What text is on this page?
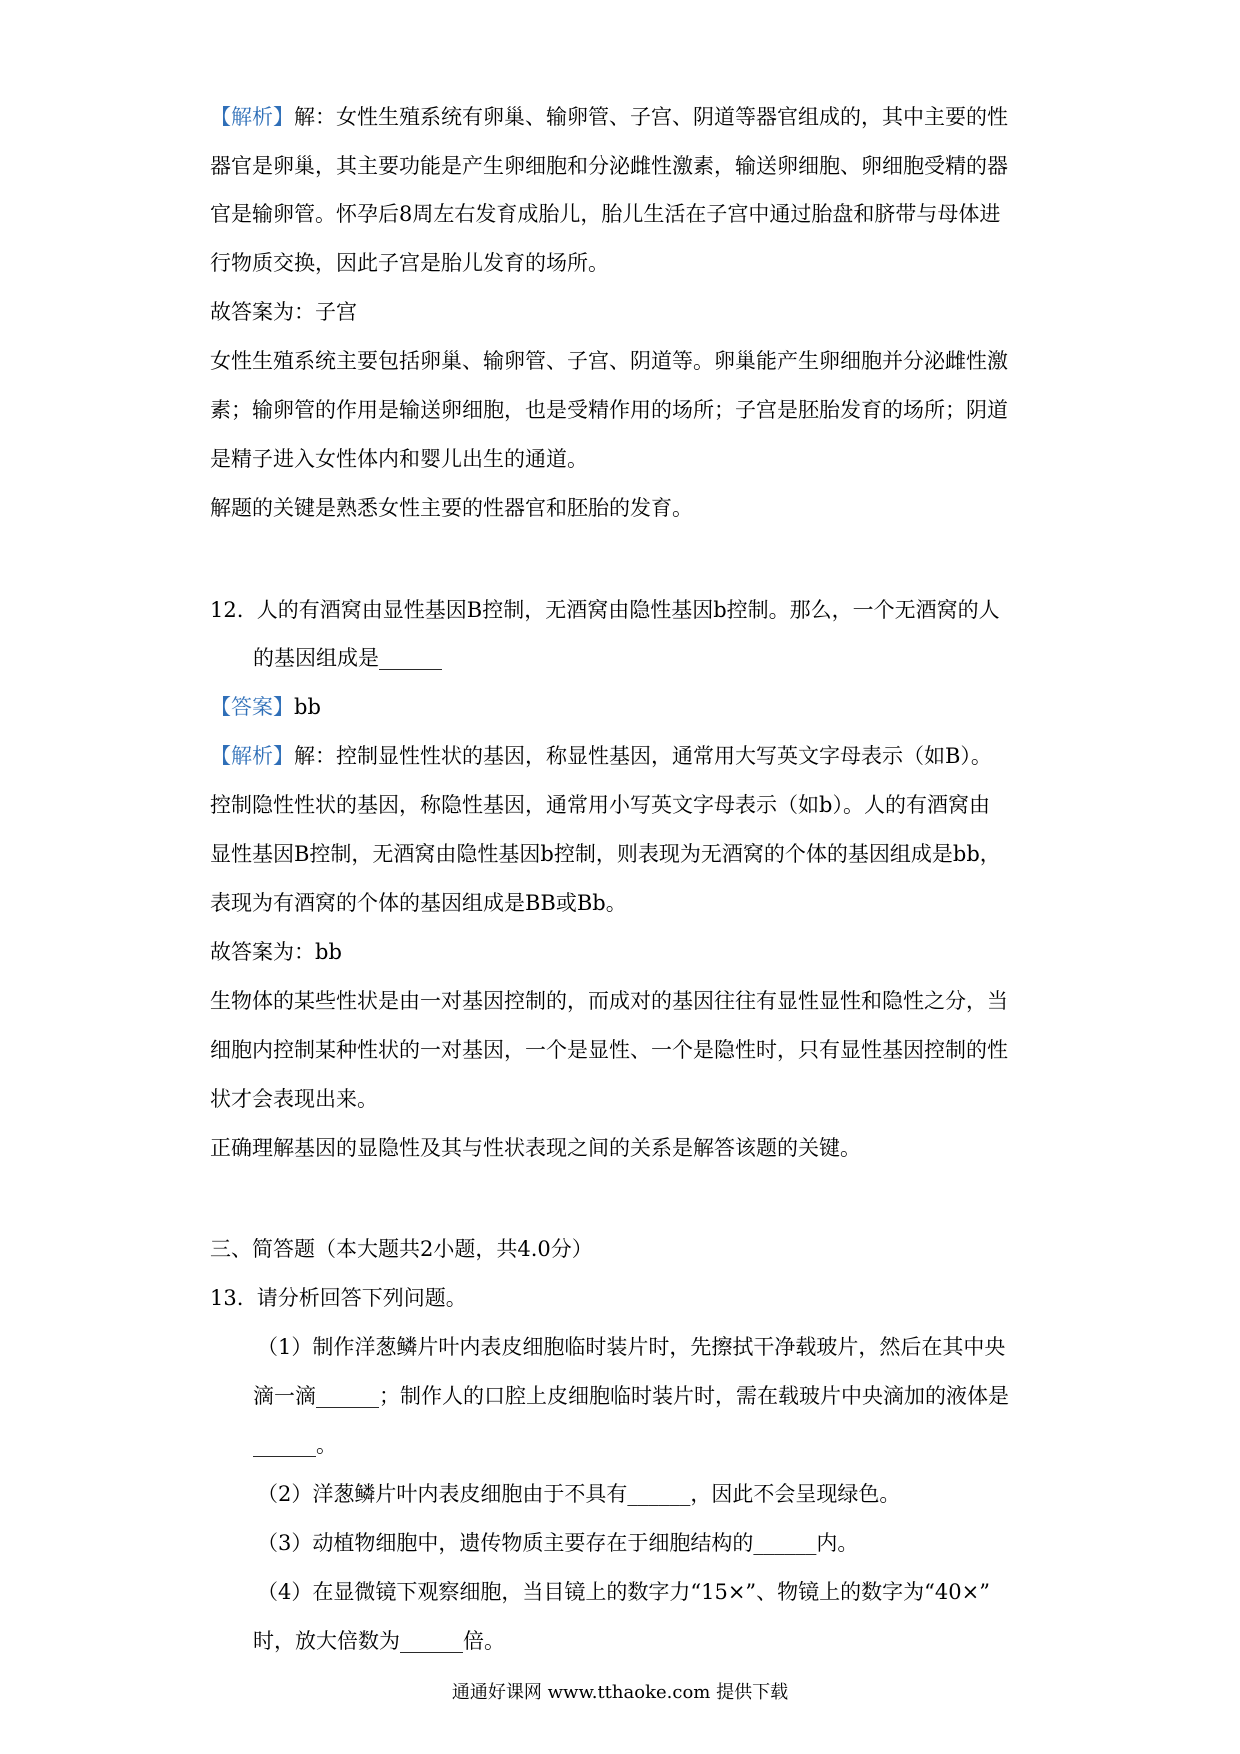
【解析】解：女性生殖系统有卵巢、输卵管、子宫、阴道等器官组成的，其中主要的性
器官是卵巢，其主要功能是产生卵细胞和分泌雌性激素，输送卵细胞、卵细胞受精的器
官是输卵管。怀孕后8周左右发育成胎儿，胎儿生活在子宫中通过胎盘和脐带与母体进
行物质交换，因此子宫是胎儿发育的场所。
故答案为：子宫
女性生殖系统主要包括卵巢、输卵管、子宫、阴道等。卵巢能产生卵细胞并分泌雌性激
素；输卵管的作用是输送卵细胞，也是受精作用的场所；子宫是胚胎发育的场所；阴道
是精子进入女性体内和婴儿出生的通道。
解题的关键是熟悉女性主要的性器官和胚胎的发育。
12. 人的有酒窝由显性基因B控制，无酒窝由隐性基因b控制。那么，一个无酒窝的人
的基因组成是______
【答案】bb
【解析】解：控制显性性状的基因，称显性基因，通常用大写英文字母表示（如B）。
控制隐性性状的基因，称隐性基因，通常用小写英文字母表示（如b）。人的有酒窝由
显性基因B控制，无酒窝由隐性基因b控制，则表现为无酒窝的个体的基因组成是bb，
表现为有酒窝的个体的基因组成是BB或Bb。
故答案为：bb
生物体的某些性状是由一对基因控制的，而成对的基因往往有显性显性和隐性之分，当
细胞内控制某种性状的一对基因，一个是显性、一个是隐性时，只有显性基因控制的性
状才会表现出来。
正确理解基因的显隐性及其与性状表现之间的关系是解答该题的关键。
三、简答题（本大题共2小题，共4.0分）
13. 请分析回答下列问题。
（1）制作洋葱鳞片叶内表皮细胞临时装片时，先擦拭干净载玻片，然后在其中央
滴一滴______；制作人的口腔上皮细胞临时装片时，需在载玻片中央滴加的液体是
______。
（2）洋葱鳞片叶内表皮细胞由于不具有______，因此不会呈现绿色。
（3）动植物细胞中，遗传物质主要存在于细胞结构的______内。
（4）在显微镜下观察细胞，当目镜上的数字力“15×”、物镜上的数字为“40×”
时，放大倍数为______倍。
通通好课网 www.tthaoke.com 提供下载
